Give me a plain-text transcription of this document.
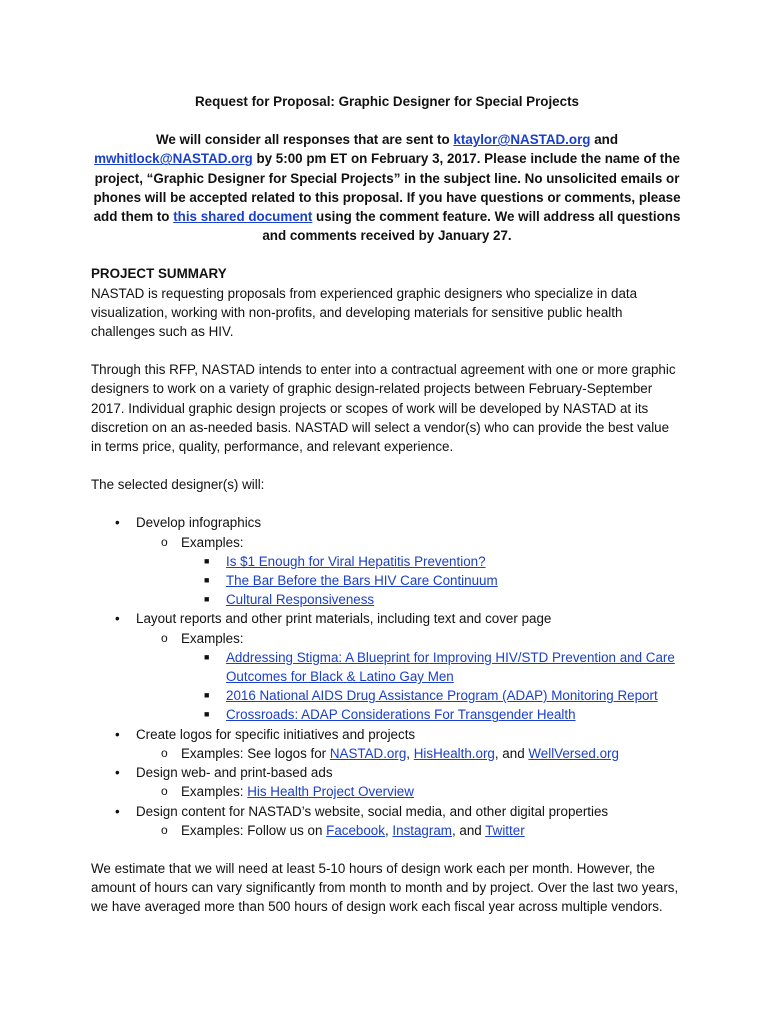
Request for Proposal: Graphic Designer for Special Projects
We will consider all responses that are sent to ktaylor@NASTAD.org and mwhitlock@NASTAD.org by 5:00 pm ET on February 3, 2017. Please include the name of the project, “Graphic Designer for Special Projects” in the subject line. No unsolicited emails or phones will be accepted related to this proposal. If you have questions or comments, please add them to this shared document using the comment feature. We will address all questions and comments received by January 27.
PROJECT SUMMARY

NASTAD is requesting proposals from experienced graphic designers who specialize in data visualization, working with non-profits, and developing materials for sensitive public health challenges such as HIV.

Through this RFP, NASTAD intends to enter into a contractual agreement with one or more graphic designers to work on a variety of graphic design-related projects between February-September 2017. Individual graphic design projects or scopes of work will be developed by NASTAD at its discretion on an as-needed basis. NASTAD will select a vendor(s) who can provide the best value in terms price, quality, performance, and relevant experience.

The selected designer(s) will:

• Develop infographics
o Examples:
■ Is $1 Enough for Viral Hepatitis Prevention?
■ The Bar Before the Bars HIV Care Continuum
■ Cultural Responsiveness
• Layout reports and other print materials, including text and cover page
o Examples:
■ Addressing Stigma: A Blueprint for Improving HIV/STD Prevention and Care Outcomes for Black & Latino Gay Men
■ 2016 National AIDS Drug Assistance Program (ADAP) Monitoring Report
■ Crossroads: ADAP Considerations For Transgender Health
• Create logos for specific initiatives and projects
o Examples: See logos for NASTAD.org, HisHealth.org, and WellVersed.org
• Design web- and print-based ads
o Examples: His Health Project Overview
• Design content for NASTAD’s website, social media, and other digital properties
o Examples: Follow us on Facebook, Instagram, and Twitter

We estimate that we will need at least 5-10 hours of design work each per month. However, the amount of hours can vary significantly from month to month and by project. Over the last two years, we have averaged more than 500 hours of design work each fiscal year across multiple vendors.
